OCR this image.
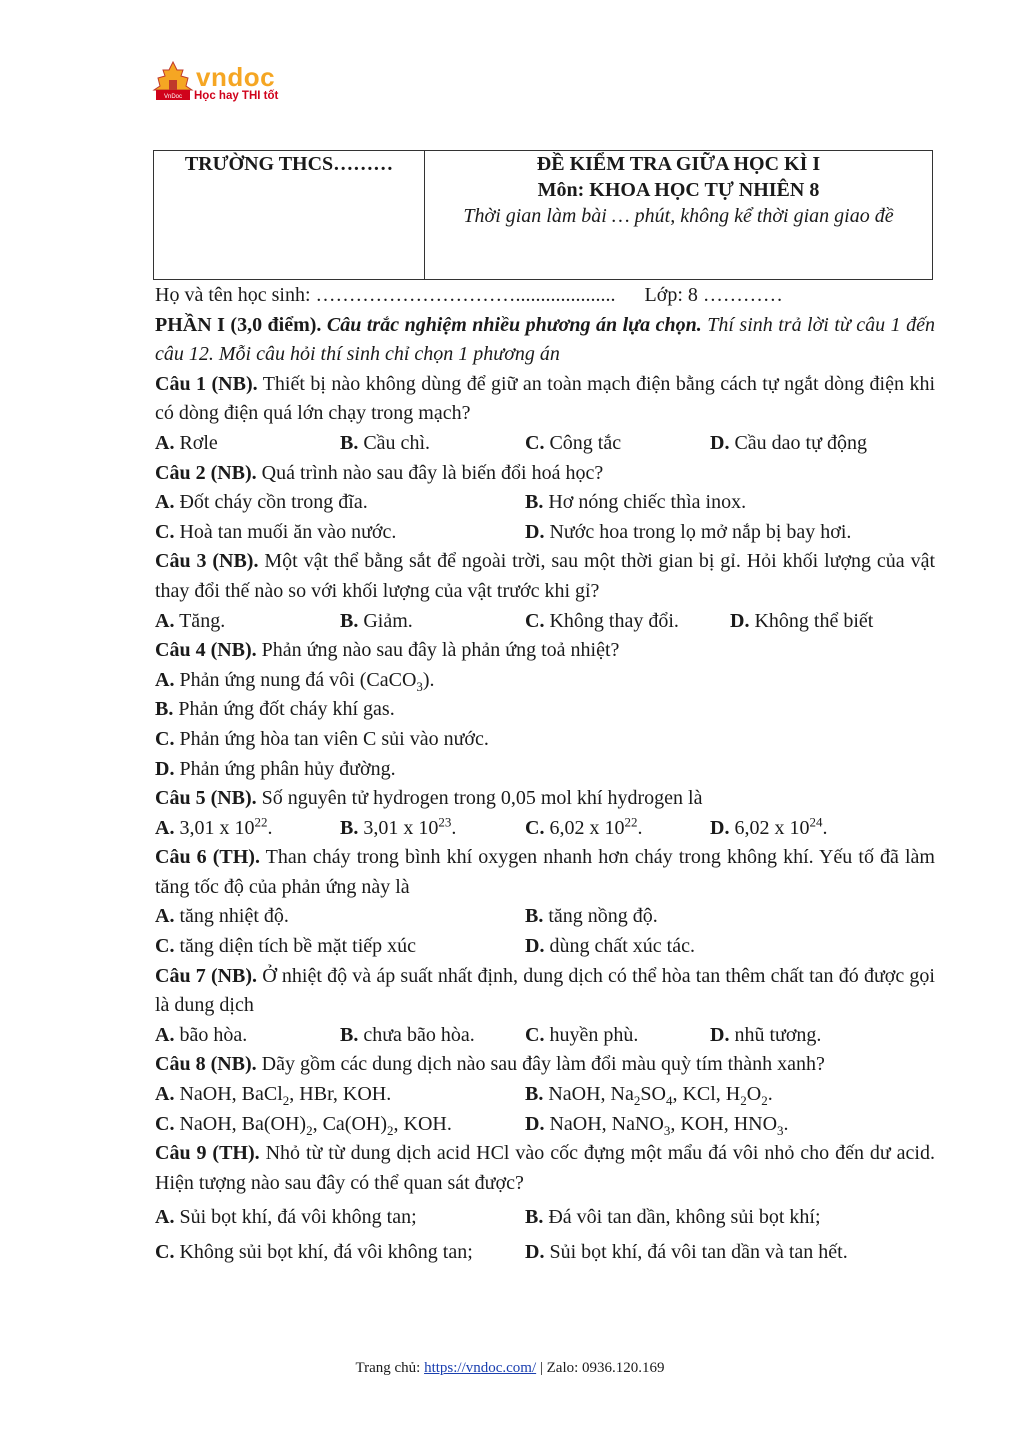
VnDoc
vndoc
Học hay THI tốt
TRƯỜNG THCS………	ĐỀ KIỂM TRA GIỮA HỌC KÌ I
Môn: KHOA HỌC TỰ NHIÊN 8
Thời gian làm bài … phút, không kể thời gian giao đề
Họ và tên học sinh: ………………………….................... Lớp: 8 …………
PHẦN I (3,0 điểm). Câu trắc nghiệm nhiều phương án lựa chọn. Thí sinh trả lời từ câu 1 đến câu 12. Mỗi câu hỏi thí sinh chỉ chọn 1 phương án
Câu 1 (NB). Thiết bị nào không dùng để giữ an toàn mạch điện bằng cách tự ngắt dòng điện khi có dòng điện quá lớn chạy trong mạch?
A. Rơle	B. Cầu chì.	C. Công tắc	D. Cầu dao tự động
Câu 2 (NB). Quá trình nào sau đây là biến đổi hoá học?
A. Đốt cháy cồn trong đĩa.	B. Hơ nóng chiếc thìa inox.
C. Hoà tan muối ăn vào nước.	D. Nước hoa trong lọ mở nắp bị bay hơi.
Câu 3 (NB). Một vật thể bằng sắt để ngoài trời, sau một thời gian bị gỉ. Hỏi khối lượng của vật thay đổi thế nào so với khối lượng của vật trước khi gỉ?
A. Tăng.	B. Giảm.	C. Không thay đổi.	D. Không thể biết
Câu 4 (NB). Phản ứng nào sau đây là phản ứng toả nhiệt?
A. Phản ứng nung đá vôi (CaCO$_3$).
B. Phản ứng đốt cháy khí gas.
C. Phản ứng hòa tan viên C sủi vào nước.
D. Phản ứng phân hủy đường.
Câu 5 (NB). Số nguyên tử hydrogen trong 0,05 mol khí hydrogen là
A. 3,01 x $10^{22}$.	B. 3,01 x $10^{23}$.	C. 6,02 x $10^{22}$.	D. 6,02 x $10^{24}$.
Câu 6 (TH). Than cháy trong bình khí oxygen nhanh hơn cháy trong không khí. Yếu tố đã làm tăng tốc độ của phản ứng này là
A. tăng nhiệt độ.	B. tăng nồng độ.
C. tăng diện tích bề mặt tiếp xúc	D. dùng chất xúc tác.
Câu 7 (NB). Ở nhiệt độ và áp suất nhất định, dung dịch có thể hòa tan thêm chất tan đó được gọi là dung dịch
A. bão hòa.	B. chưa bão hòa.	C. huyền phù.	D. nhũ tương.
Câu 8 (NB). Dãy gồm các dung dịch nào sau đây làm đổi màu quỳ tím thành xanh?
A. NaOH, BaCl$_2$, HBr, KOH.	B. NaOH, $Na_2SO_4$, KCl, $H_2O_2$.
C. NaOH, $Ba(OH)_2$, $Ca(OH)_2$, KOH.	D. NaOH, NaNO$_3$, KOH, $HNO_3$.
Câu 9 (TH). Nhỏ từ từ dung dịch acid HCl vào cốc đựng một mẩu đá vôi nhỏ cho đến dư acid. Hiện tượng nào sau đây có thể quan sát được?
A. Sủi bọt khí, đá vôi không tan;	B. Đá vôi tan dần, không sủi bọt khí;
C. Không sủi bọt khí, đá vôi không tan;	D. Sủi bọt khí, đá vôi tan dần và tan hết.
Trang chủ: https://vndoc.com/ | Zalo: 0936.120.169
